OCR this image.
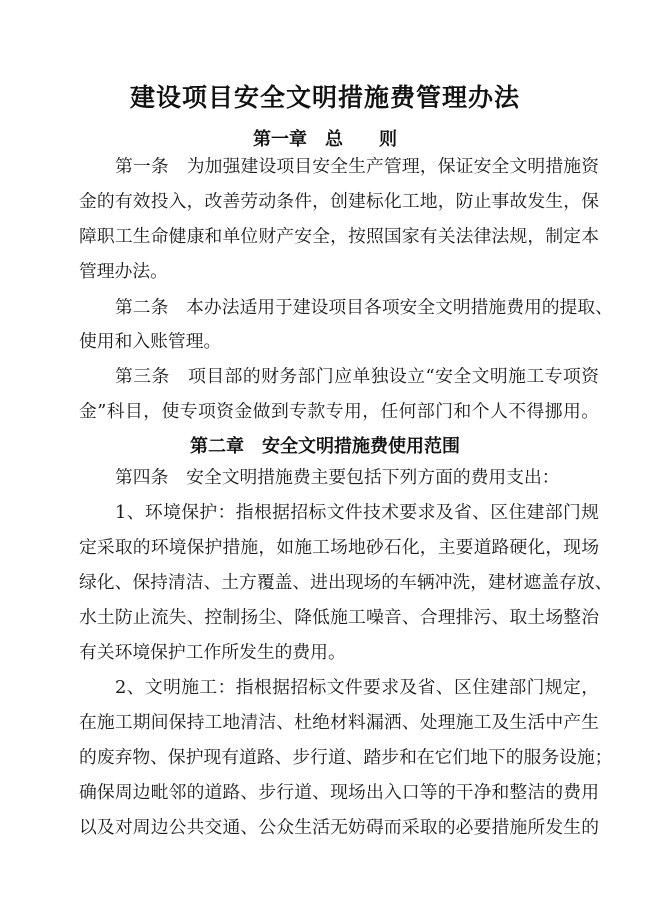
建设项目安全文明措施费管理办法
第一章　总　　则
第一条　为加强建设项目安全生产管理，保证安全文明措施资
金的有效投入，改善劳动条件，创建标化工地，防止事故发生，保
障职工生命健康和单位财产安全，按照国家有关法律法规，制定本
管理办法。
第二条　本办法适用于建设项目各项安全文明措施费用的提取、
使用和入账管理。
第三条　项目部的财务部门应单独设立“安全文明施工专项资
金”科目，使专项资金做到专款专用，任何部门和个人不得挪用。
第二章　安全文明措施费使用范围
第四条　安全文明措施费主要包括下列方面的费用支出：
1、环境保护：指根据招标文件技术要求及省、区住建部门规
定采取的环境保护措施，如施工场地砂石化，主要道路硬化，现场
绿化、保持清洁、土方覆盖、进出现场的车辆冲洗，建材遮盖存放、
水土防止流失、控制扬尘、降低施工噪音、合理排污、取土场整治
有关环境保护工作所发生的费用。
2、文明施工：指根据招标文件要求及省、区住建部门规定，
在施工期间保持工地清洁、杜绝材料漏洒、处理施工及生活中产生
的废弃物、保护现有道路、步行道、踏步和在它们地下的服务设施；
确保周边毗邻的道路、步行道、现场出入口等的干净和整洁的费用
以及对周边公共交通、公众生活无妨碍而采取的必要措施所发生的
